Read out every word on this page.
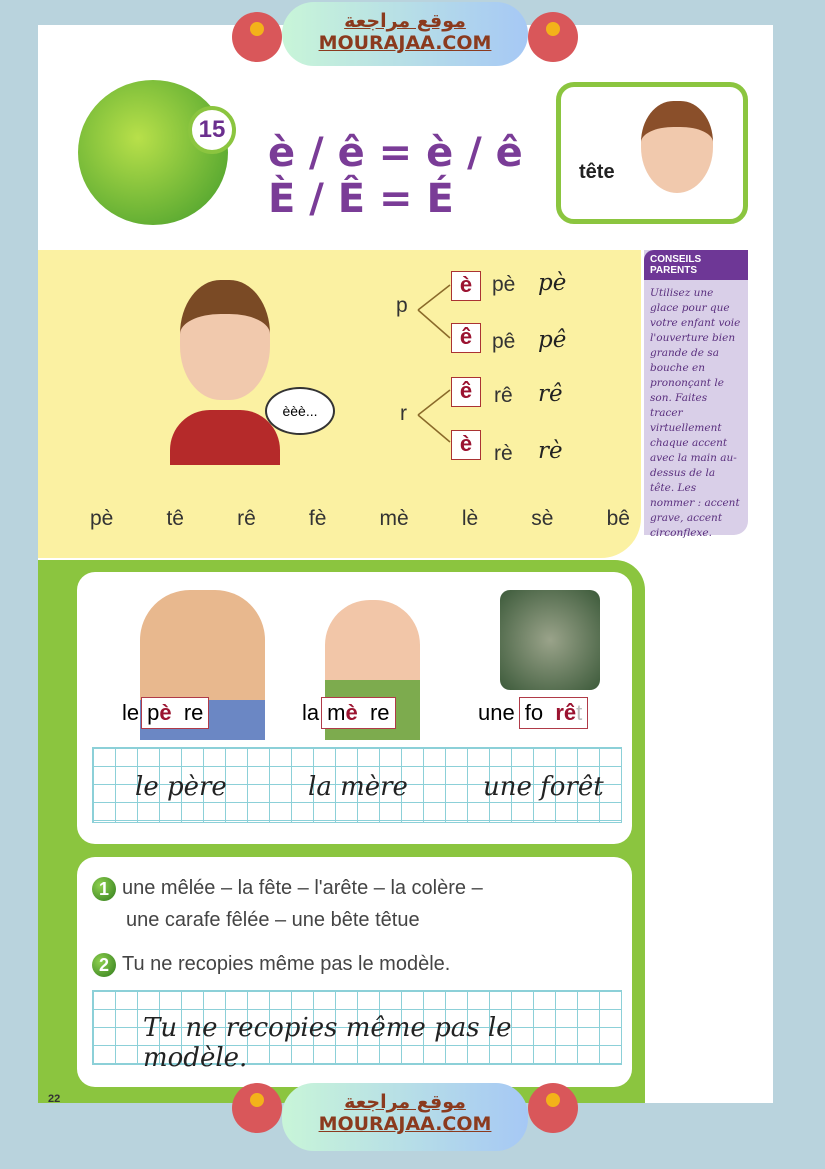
موقع مراجعة
MOURAJAA.COM
15
è / ê = è / ê
È / Ê = É
tête
èèè...
p
r
è pè pè
ê pê pê
ê	rê rê
è	rè rè
pè	tê	rê	fè	mè	lè	sè	bê
CONSEILS PARENTS
Utilisez une glace pour que votre enfant voie l'ouverture bien grande de sa bouche en prononçant le son. Faites tracer virtuellement chaque accent avec la main au-dessus de la tête. Les nommer : accent grave, accent circonflexe.
le pè re	la mè re	une fo rêt
le père	la mère	une forêt
1 une mêlée – la fête – l'arête – la colère –
une carafe fêlée – une bête têtue
2 Tu ne recopies même pas le modèle.
Tu ne recopies même pas le modèle.
22	موقع مراجعة
MOURAJAA.COM
